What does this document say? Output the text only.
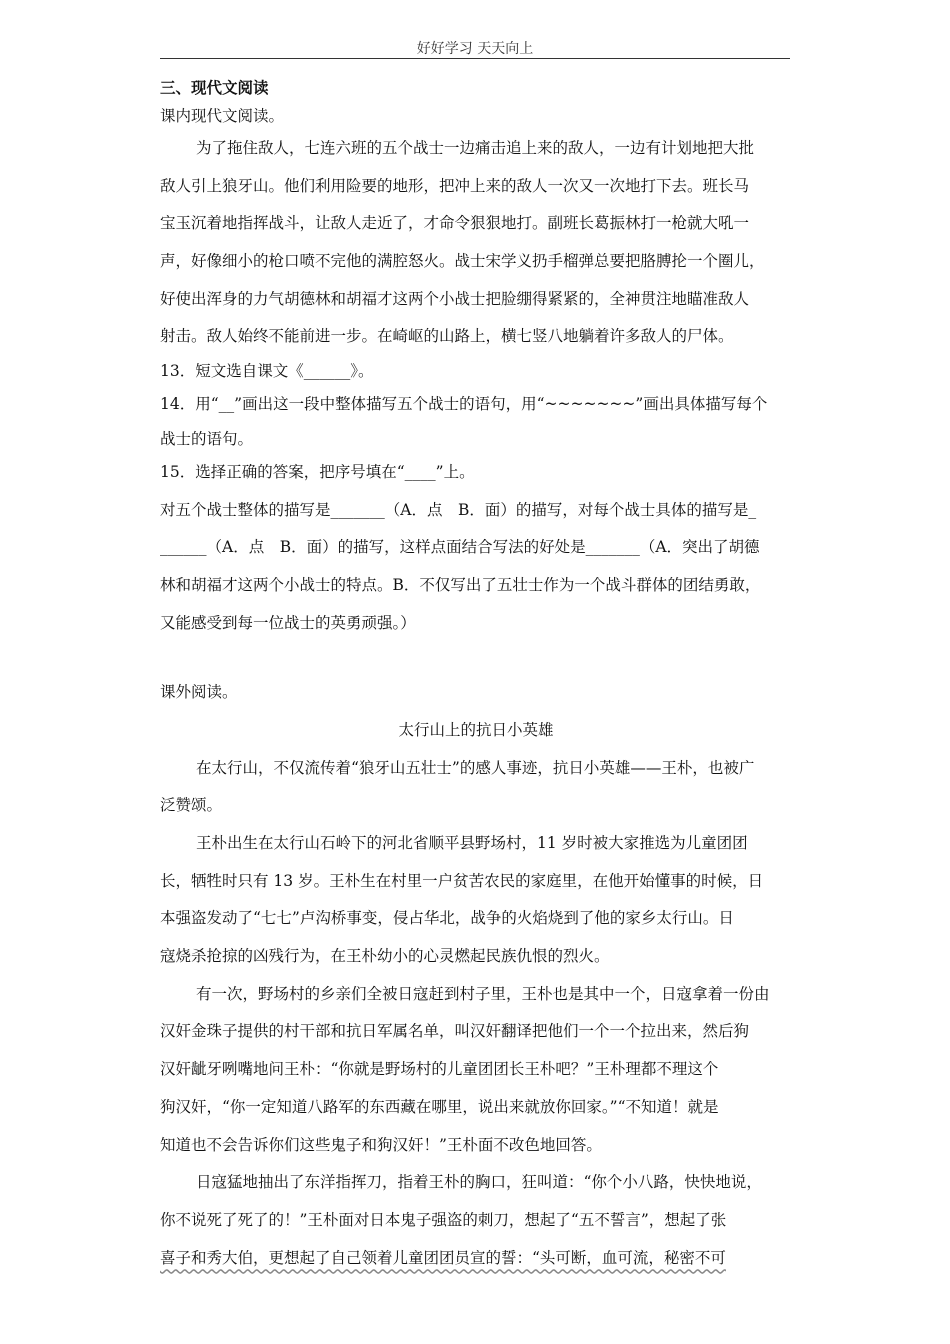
好好学习 天天向上
三、现代文阅读
课内现代文阅读。
为了拖住敌人，七连六班的五个战士一边痛击追上来的敌人，一边有计划地把大批
敌人引上狼牙山。他们利用险要的地形，把冲上来的敌人一次又一次地打下去。班长马
宝玉沉着地指挥战斗，让敌人走近了，才命令狠狠地打。副班长葛振林打一枪就大吼一
声，好像细小的枪口喷不完他的满腔怒火。战士宋学义扔手榴弹总要把胳膊抡一个圈儿，
好使出浑身的力气胡德林和胡福才这两个小战士把脸绷得紧紧的，全神贯注地瞄准敌人
射击。敌人始终不能前进一步。在崎岖的山路上，横七竖八地躺着许多敌人的尸体。
13．短文选自课文《______》。
14．用“__”画出这一段中整体描写五个战士的语句，用“~~~~~~~”画出具体描写每个
战士的语句。
15．选择正确的答案，把序号填在“____”上。
对五个战士整体的描写是_______（A．点　B．面）的描写，对每个战士具体的描写是_
______（A．点　B．面）的描写，这样点面结合写法的好处是_______（A．突出了胡德
林和胡福才这两个小战士的特点。B．不仅写出了五壮士作为一个战斗群体的团结勇敢，
又能感受到每一位战士的英勇顽强。）
课外阅读。
太行山上的抗日小英雄
在太行山，不仅流传着“狼牙山五壮士”的感人事迹，抗日小英雄——王朴，也被广
泛赞颂。
王朴出生在太行山石岭下的河北省顺平县野场村，11 岁时被大家推选为儿童团团
长，牺牲时只有 13 岁。王朴生在村里一户贫苦农民的家庭里，在他开始懂事的时候，日
本强盗发动了“七七”卢沟桥事变，侵占华北，战争的火焰烧到了他的家乡太行山。日
寇烧杀抢掠的凶残行为，在王朴幼小的心灵燃起民族仇恨的烈火。
有一次，野场村的乡亲们全被日寇赶到村子里，王朴也是其中一个，日寇拿着一份由
汉奸金珠子提供的村干部和抗日军属名单，叫汉奸翻译把他们一个一个拉出来，然后狗
汉奸龇牙咧嘴地问王朴：“你就是野场村的儿童团团长王朴吧？”王朴理都不理这个
狗汉奸，“你一定知道八路军的东西藏在哪里，说出来就放你回家。”“不知道！就是
知道也不会告诉你们这些鬼子和狗汉奸！”王朴面不改色地回答。
日寇猛地抽出了东洋指挥刀，指着王朴的胸口，狂叫道：“你个小八路，快快地说，
你不说死了死了的！”王朴面对日本鬼子强盗的刺刀，想起了“五不誓言”，想起了张
喜子和秀大伯，更想起了自己领着儿童团团员宣的誓：“头可断，血可流，秘密不可
